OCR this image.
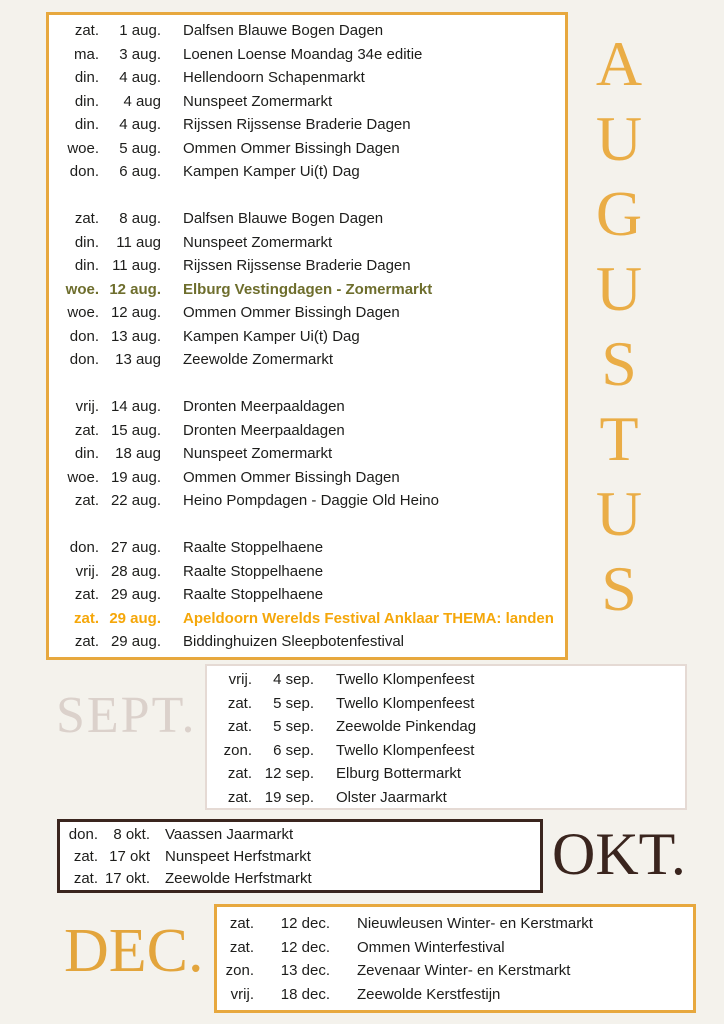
zat.	1 aug. Dalfsen Blauwe Bogen Dagen
ma.	3 aug. Loenen Loense Moandag 34e editie
din.	4 aug. Hellendoorn Schapenmarkt
din.	4 aug Nunspeet Zomermarkt
din.	4 aug. Rijssen Rijssense Braderie Dagen
woe.	5 aug. Ommen Ommer Bissingh Dagen
don.	6 aug. Kampen Kamper Ui(t) Dag
zat.	8 aug. Dalfsen Blauwe Bogen Dagen
din.	11 aug Nunspeet Zomermarkt
din. 11 aug. Rijssen Rijssense Braderie Dagen
woe. 12 aug. Elburg Vestingdagen - Zomermarkt
woe. 12 aug. Ommen Ommer Bissingh Dagen
don. 13 aug. Kampen Kamper Ui(t) Dag
don.	13 aug Zeewolde Zomermarkt
vrij. 14 aug. Dronten Meerpaaldagen
zat. 15 aug. Dronten Meerpaaldagen
din.	18 aug Nunspeet Zomermarkt
woe. 19 aug. Ommen Ommer Bissingh Dagen
zat. 22 aug. Heino Pompdagen - Daggie Old Heino
don. 27 aug. Raalte Stoppelhaene
vrij. 28 aug. Raalte Stoppelhaene
zat. 29 aug. Raalte Stoppelhaene
zat. 29 aug. Apeldoorn Werelds Festival Anklaar THEMA: landen
zat. 29 aug. Biddinghuizen Sleepbotenfestival
A
U
G
U
S
T
U
S
SEPT.
vrij.	4 sep. Twello Klompenfeest
zat.	5 sep. Twello Klompenfeest
zat.	5 sep. Zeewolde Pinkendag
zon.	6 sep. Twello Klompenfeest
zat. 12 sep. Elburg Bottermarkt
zat. 19 sep. Olster Jaarmarkt
don.	8 okt. Vaassen Jaarmarkt
zat. 17 okt Nunspeet Herfstmarkt
zat. 17 okt. Zeewolde Herfstmarkt	OKT.
DEC.	zat.	12 dec. Nieuwleusen Winter- en Kerstmarkt
zat.	12 dec. Ommen Winterfestival
zon.	13 dec. Zevenaar Winter- en Kerstmarkt
vrij.	18 dec. Zeewolde Kerstfestijn
